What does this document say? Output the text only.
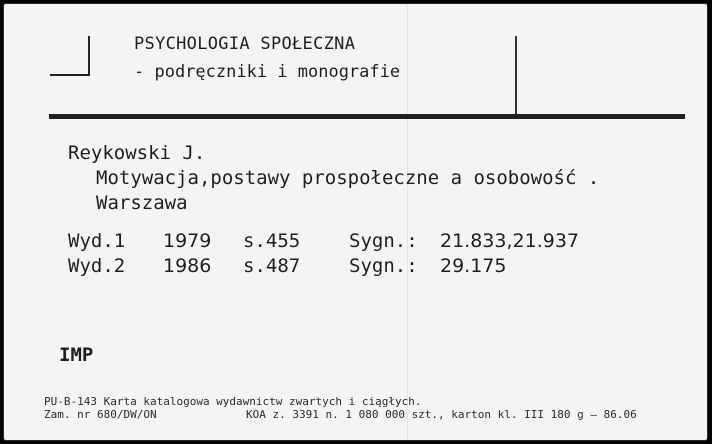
PSYCHOLOGIA SPOŁECZNA
- podręczniki i monografie
Reykowski J.
Motywacja,postawy prospołeczne a osobowość .
Warszawa
Wyd.1 1979 s.455	Sygn.: 21.833,21.937
Wyd.2 1986 s.487	Sygn.: 29.175
IMP
PU-B-143 Karta katalogowa wydawnictw zwartych i ciągłych.
Zam. nr 680/DW/ON	KOA z. 3391 n. 1 080 000 szt., karton kl. III 180 g — 86.06
